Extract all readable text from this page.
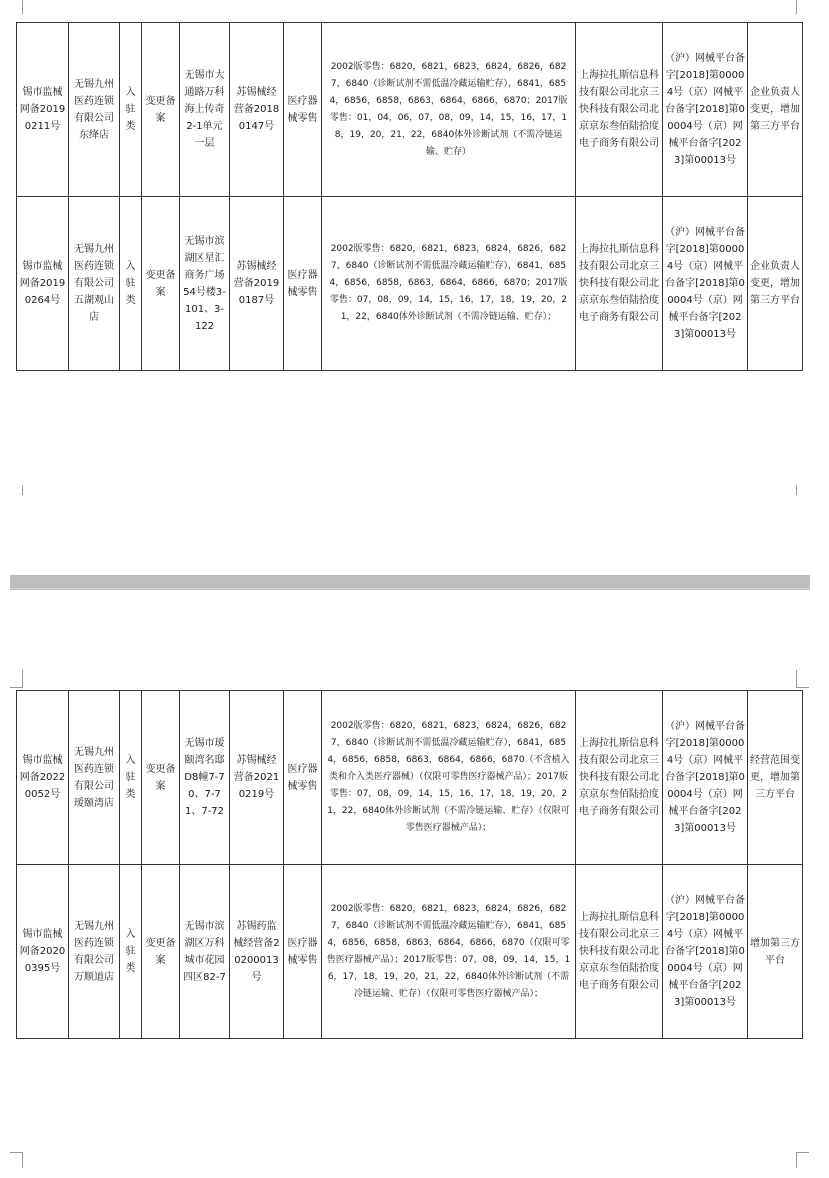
锡市监械网备20190211号	无锡九州医药连锁有限公司东绛店	入驻类	变更备案	无锡市大通路万科海上传奇2-1单元一层	苏锡械经营备20180147号	医疗器械零售	2002版零售：6820，6821，6823，6824，6826，6827，6840（诊断试剂不需低温冷藏运输贮存），6841，6854，6856，6858，6863，6864，6866，6870；2017版零售：01，04，06，07，08，09，14，15，16，17，18，19，20，21，22，6840体外诊断试剂（不需冷链运输、贮存）	上海拉扎斯信息科技有限公司北京三快科技有限公司北京京东叁佰陆拾度电子商务有限公司	（沪）网械平台备字[2018]第00004号（京）网械平台备字[2018]第00004号（京）网械平台备字[2023]第00013号	企业负责人变更，增加第三方平台
锡市监械网备20190264号	无锡九州医药连锁有限公司五湖观山店	入驻类	变更备案	无锡市滨湖区星汇商务广场54号楼3-101、3-122	苏锡械经营备20190187号	医疗器械零售	2002版零售：6820，6821，6823，6824，6826，6827，6840（诊断试剂不需低温冷藏运输贮存），6841，6854，6856，6858，6863，6864，6866，6870；2017版零售：07，08，09，14，15，16，17，18，19，20，21，22，6840体外诊断试剂（不需冷链运输、贮存）；	上海拉扎斯信息科技有限公司北京三快科技有限公司北京京东叁佰陆拾度电子商务有限公司	（沪）网械平台备字[2018]第00004号（京）网械平台备字[2018]第00004号（京）网械平台备字[2023]第00013号	企业负责人变更，增加第三方平台
锡市监械网备20220052号	无锡九州医药连锁有限公司瑷颐湾店	入驻类	变更备案	无锡市瑷颐湾名邸D8幢7-70、7-71、7-72	苏锡械经营备20210219号	医疗器械零售	2002版零售：6820，6821，6823，6824，6826，6827，6840（诊断试剂不需低温冷藏运输贮存），6841，6854，6856，6858，6863，6864，6866，6870（不含植入类和介入类医疗器械）（仅限可零售医疗器械产品）；2017版零售：07，08，09，14，15，16，17，18，19，20，21，22，6840体外诊断试剂（不需冷链运输、贮存）（仅限可零售医疗器械产品）；	上海拉扎斯信息科技有限公司北京三快科技有限公司北京京东叁佰陆拾度电子商务有限公司	（沪）网械平台备字[2018]第00004号（京）网械平台备字[2018]第00004号（京）网械平台备字[2023]第00013号	经营范围变更，增加第三方平台
锡市监械网备20200395号	无锡九州医药连锁有限公司万顺道店	入驻类	变更备案	无锡市滨湖区万科城市花园四区82-7	苏锡药监械经营备20200013号	医疗器械零售	2002版零售：6820，6821，6823，6824，6826，6827，6840（诊断试剂不需低温冷藏运输贮存），6841，6854，6856，6858，6863，6864，6866，6870（仅限可零售医疗器械产品）；2017版零售：07，08，09，14，15，16，17，18，19，20，21，22，6840体外诊断试剂（不需冷链运输、贮存）（仅限可零售医疗器械产品）；	上海拉扎斯信息科技有限公司北京三快科技有限公司北京京东叁佰陆拾度电子商务有限公司	（沪）网械平台备字[2018]第00004号（京）网械平台备字[2018]第00004号（京）网械平台备字[2023]第00013号	增加第三方平台
